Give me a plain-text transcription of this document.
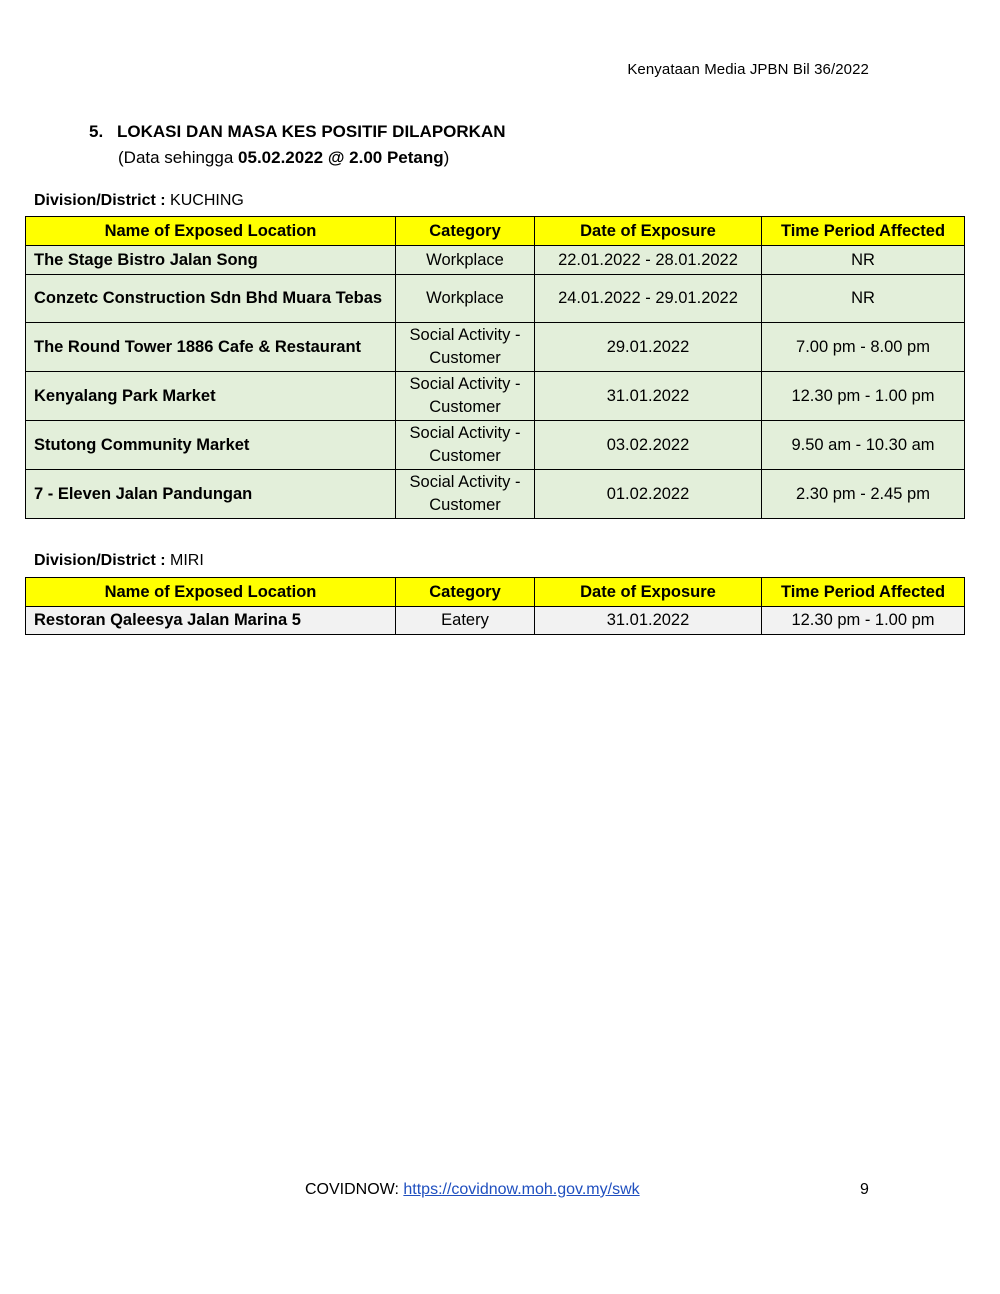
Kenyataan Media JPBN Bil 36/2022
5. LOKASI DAN MASA KES POSITIF DILAPORKAN
(Data sehingga 05.02.2022 @ 2.00 Petang)
Division/District : KUCHING
Name of Exposed Location	Category	Date of Exposure	Time Period Affected
The Stage Bistro Jalan Song	Workplace	22.01.2022 - 28.01.2022	NR
Conzetc Construction Sdn Bhd Muara Tebas	Workplace	24.01.2022 - 29.01.2022	NR
The Round Tower 1886 Cafe & Restaurant	Social Activity - Customer	29.01.2022	7.00 pm - 8.00 pm
Kenyalang Park Market	Social Activity - Customer	31.01.2022	12.30 pm - 1.00 pm
Stutong Community Market	Social Activity - Customer	03.02.2022	9.50 am - 10.30 am
7 - Eleven Jalan Pandungan	Social Activity - Customer	01.02.2022	2.30 pm - 2.45 pm
Division/District : MIRI
Name of Exposed Location	Category	Date of Exposure	Time Period Affected
Restoran Qaleesya Jalan Marina 5	Eatery	31.01.2022	12.30 pm - 1.00 pm
COVIDNOW: https://covidnow.moh.gov.my/swk	9
